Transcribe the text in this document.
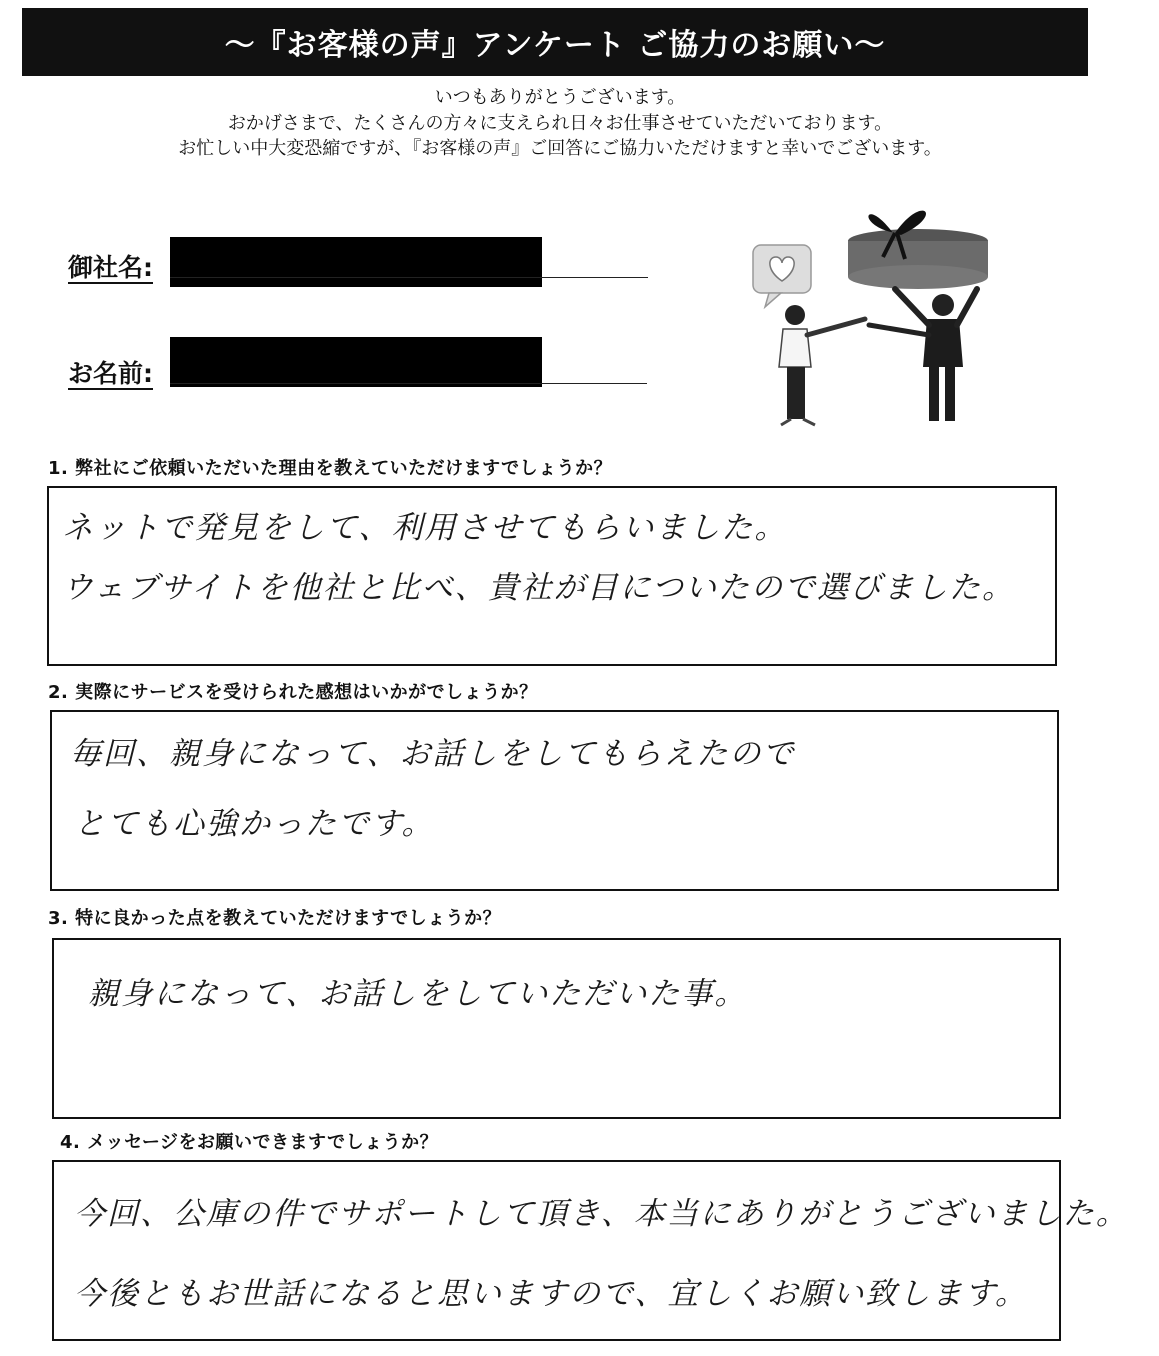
〜『お客様の声』アンケート ご協力のお願い〜
いつもありがとうございます。
おかげさまで、たくさんの方々に支えられ日々お仕事させていただいております。
お忙しい中大変恐縮ですが、『お客様の声』ご回答にご協力いただけますと幸いでございます。
御社名:
お名前:
1. 弊社にご依頼いただいた理由を教えていただけますでしょうか？
ネットで発見をして、利用させてもらいました。
ウェブサイトを他社と比べ、貴社が目についたので選びました。
2. 実際にサービスを受けられた感想はいかがでしょうか？
毎回、親身になって、お話しをしてもらえたので
とても心強かったです。
3. 特に良かった点を教えていただけますでしょうか？
親身になって、お話しをしていただいた事。
4. メッセージをお願いできますでしょうか？
今回、公庫の件でサポートして頂き、本当にありがとうございました。
今後ともお世話になると思いますので、宜しくお願い致します。
